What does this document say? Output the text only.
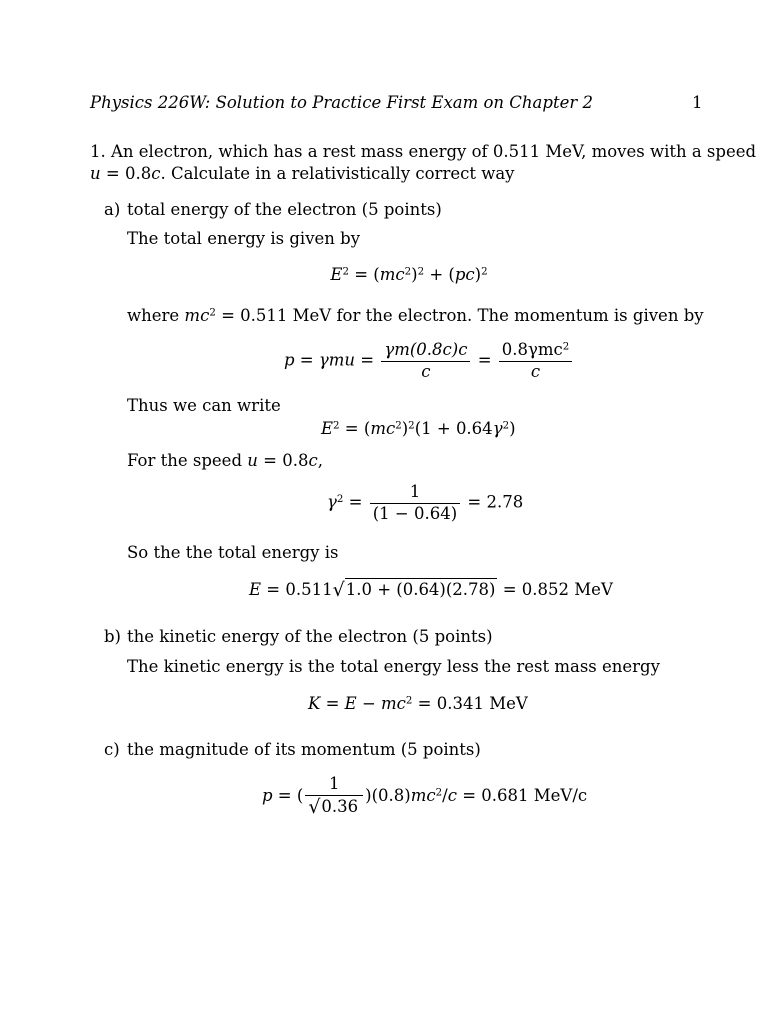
Physics 226W: Solution to Practice First Exam on Chapter 2	1
1. An electron, which has a rest mass energy of 0.511 MeV, moves with a speed
u = 0.8c. Calculate in a relativistically correct way
a) total energy of the electron (5 points)
The total energy is given by
$E^2 = (mc^2)^2 + (pc)^2$
where $mc^2 = 0.511$ MeV for the electron. The momentum is given by
$p = \gamma mu = \frac{\gamma m(0.8c)c}{c} = \frac{0.8\gamma mc^2}{c}$
Thus we can write
$E^2 = (mc^2)^2(1 + 0.64\gamma^2)$
For the speed u = 0.8c,
$\gamma^2 = \frac{1}{(1 - 0.64)} = 2.78$
So the the total energy is
E = 0.511√1.0 + (0.64)(2.78) = 0.852 MeV
b) the kinetic energy of the electron (5 points)
The kinetic energy is the total energy less the rest mass energy
$K = E - mc^2 = 0.341$ MeV
c) the magnitude of its momentum (5 points)
p = ( $\frac{1}{√0.36} )(0.8)mc^2/c = 0.681$ MeV/c
